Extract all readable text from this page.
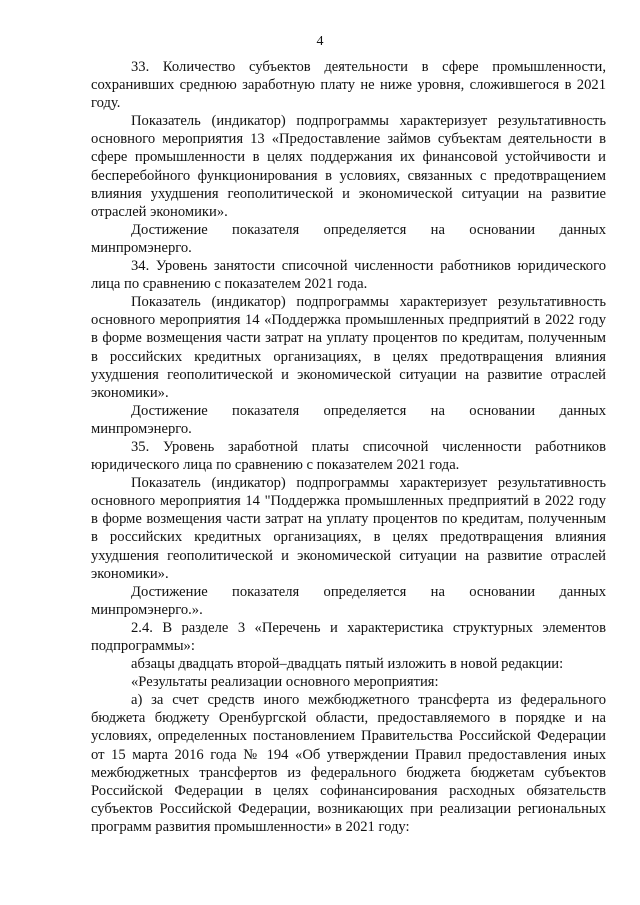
4

33. Количество субъектов деятельности в сфере промышленности, сохранивших среднюю заработную плату не ниже уровня, сложившегося в 2021 году.

Показатель (индикатор) подпрограммы характеризует результативность основного мероприятия 13 «Предоставление займов субъектам деятельности в сфере промышленности в целях поддержания их финансовой устойчивости и бесперебойного функционирования в условиях, связанных с предотвращением влияния ухудшения геополитической и экономической ситуации на развитие отраслей экономики».

Достижение показателя определяется на основании данных минпромэнерго.

34. Уровень занятости списочной численности работников юридического лица по сравнению с показателем 2021 года.

Показатель (индикатор) подпрограммы характеризует результативность основного мероприятия 14 «Поддержка промышленных предприятий в 2022 году в форме возмещения части затрат на уплату процентов по кредитам, полученным в российских кредитных организациях, в целях предотвращения влияния ухудшения геополитической и экономической ситуации на развитие отраслей экономики».

Достижение показателя определяется на основании данных минпромэнерго.

35. Уровень заработной платы списочной численности работников юридического лица по сравнению с показателем 2021 года.

Показатель (индикатор) подпрограммы характеризует результативность основного мероприятия 14 "Поддержка промышленных предприятий в 2022 году в форме возмещения части затрат на уплату процентов по кредитам, полученным в российских кредитных организациях, в целях предотвращения влияния ухудшения геополитической и экономической ситуации на развитие отраслей экономики».

Достижение показателя определяется на основании данных минпромэнерго.».

2.4. В разделе 3 «Перечень и характеристика структурных элементов подпрограммы»:

абзацы двадцать второй–двадцать пятый изложить в новой редакции:

«Результаты реализации основного мероприятия:

а) за счет средств иного межбюджетного трансферта из федерального бюджета бюджету Оренбургской области, предоставляемого в порядке и на условиях, определенных постановлением Правительства Российской Федерации от 15 марта 2016 года № 194 «Об утверждении Правил предоставления иных межбюджетных трансфертов из федерального бюджета бюджетам субъектов Российской Федерации в целях софинансирования расходных обязательств субъектов Российской Федерации, возникающих при реализации региональных программ развития промышленности» в 2021 году:
